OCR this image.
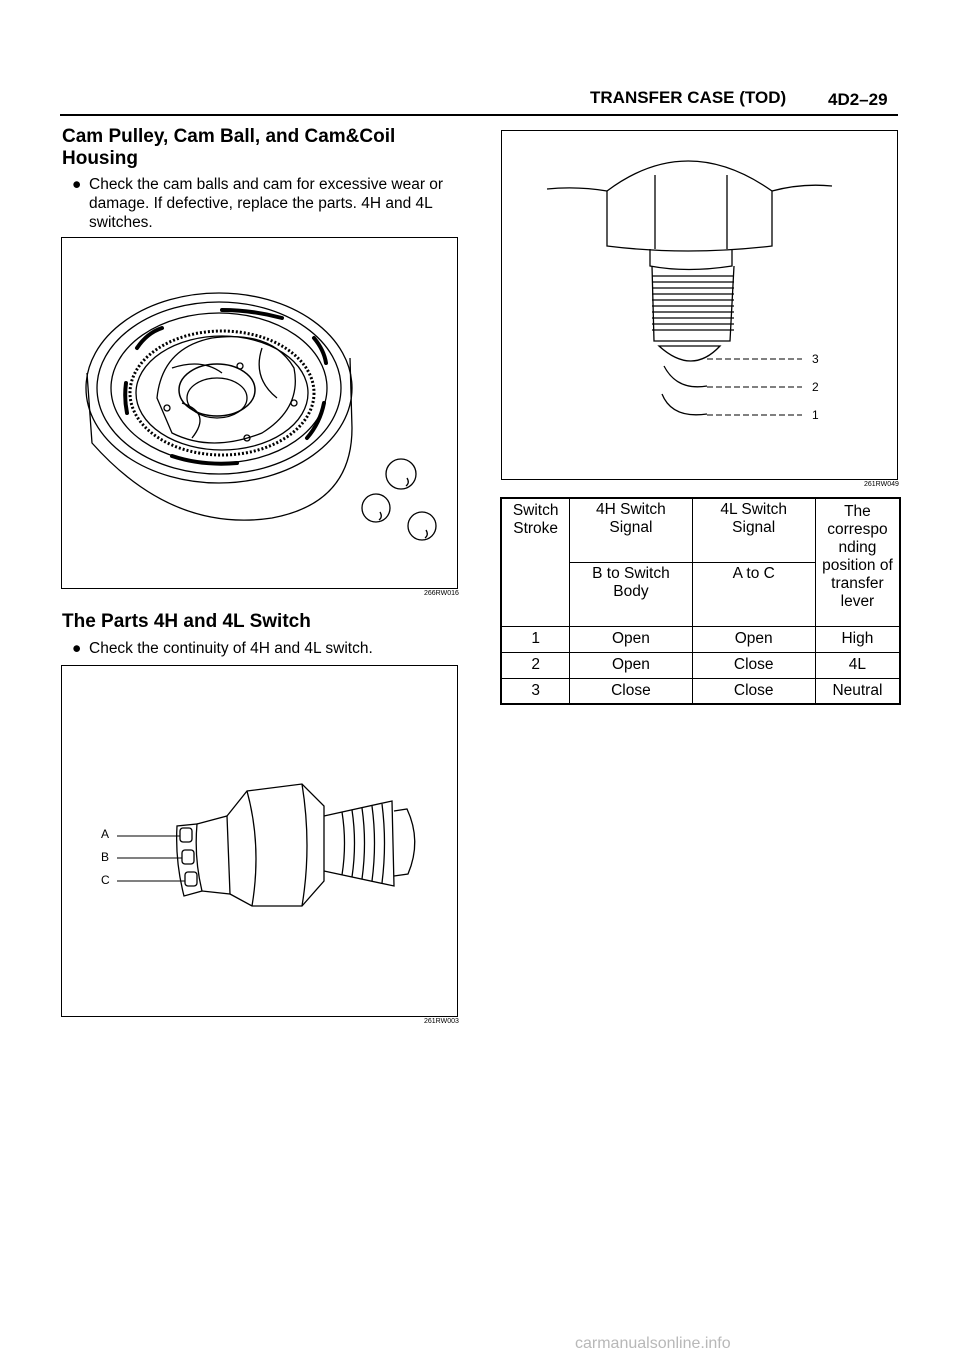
TRANSFER CASE (TOD) 4D2–29
Cam Pulley, Cam Ball, and Cam&Coil
Housing
● Check the cam balls and cam for excessive wear or
damage. If defective, replace the parts. 4H and 4L
switches.
266RW016
The Parts 4H and 4L Switch
● Check the continuity of 4H and 4L switch.
A
B
C
261RW003
3
2
1
261RW049
Switch Stroke	4H Switch Signal	4L Switch Signal	The correspo nding position of transfer lever
	B to Switch Body	A to C	
1	Open	Open	High
2	Open	Close	4L
3	Close	Close	Neutral
carmanualsonline.info
